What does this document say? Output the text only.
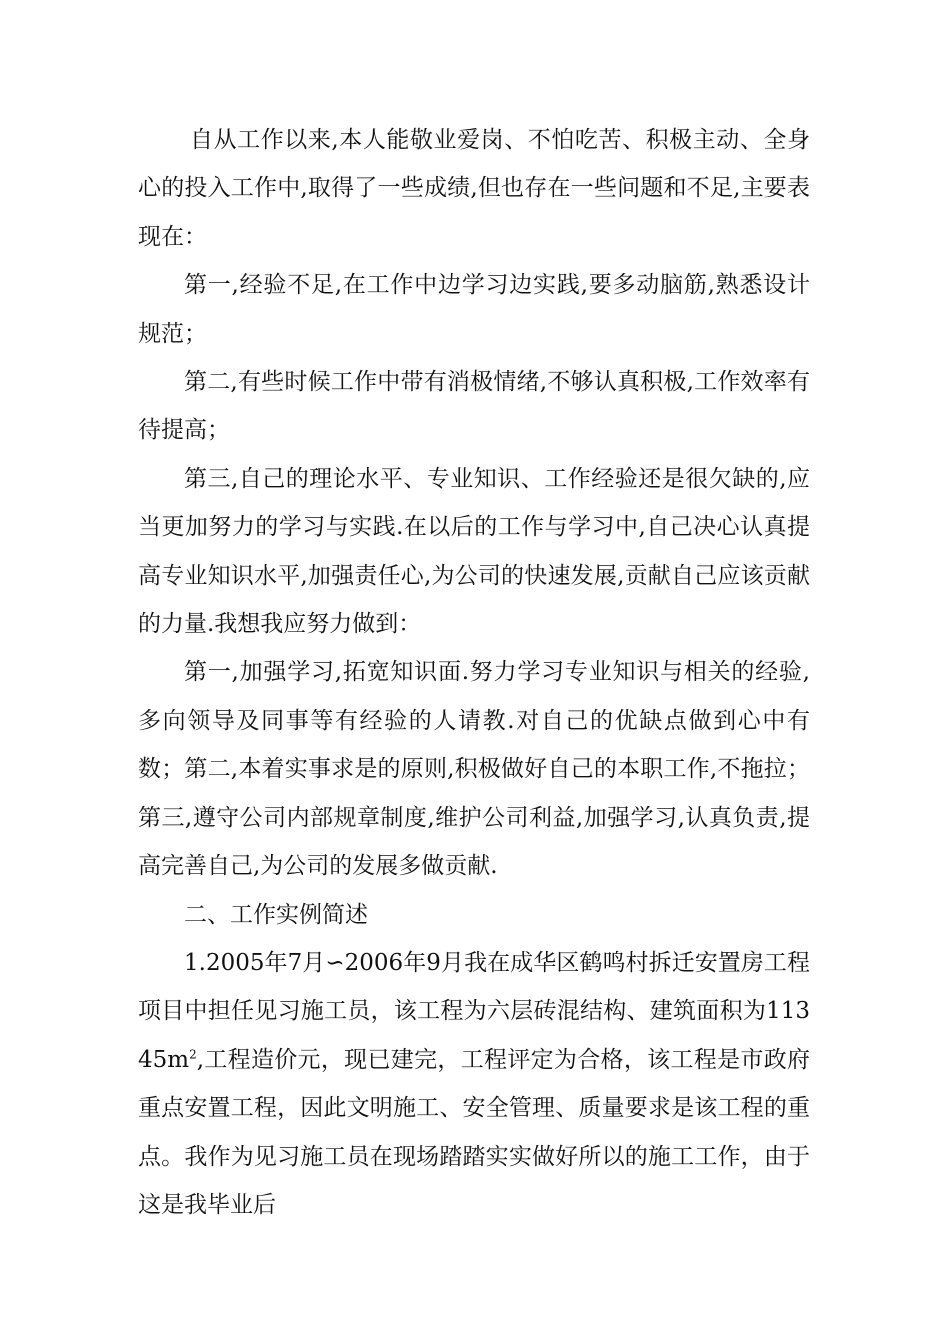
自从工作以来,本人能敬业爱岗、不怕吃苦、积极主动、全身心的投入工作中,取得了一些成绩,但也存在一些问题和不足,主要表现在：

第一,经验不足,在工作中边学习边实践,要多动脑筋,熟悉设计规范；

第二,有些时候工作中带有消极情绪,不够认真积极,工作效率有待提高；

第三,自己的理论水平、专业知识、工作经验还是很欠缺的,应当更加努力的学习与实践.在以后的工作与学习中,自己决心认真提高专业知识水平,加强责任心,为公司的快速发展,贡献自己应该贡献的力量.我想我应努力做到：

第一,加强学习,拓宽知识面.努力学习专业知识与相关的经验,多向领导及同事等有经验的人请教.对自己的优缺点做到心中有数；第二,本着实事求是的原则,积极做好自己的本职工作,不拖拉；第三,遵守公司内部规章制度,维护公司利益,加强学习,认真负责,提高完善自己,为公司的发展多做贡献.

二、工作实例简述

1.2005年7月∽2006年9月我在成华区鹤鸣村拆迁安置房工程项目中担任见习施工员，该工程为六层砖混结构、建筑面积为$11345m^2$,工程造价元，现已建完，工程评定为合格，该工程是市政府重点安置工程，因此文明施工、安全管理、质量要求是该工程的重点。我作为见习施工员在现场踏踏实实做好所以的施工工作，由于这是我毕业后
